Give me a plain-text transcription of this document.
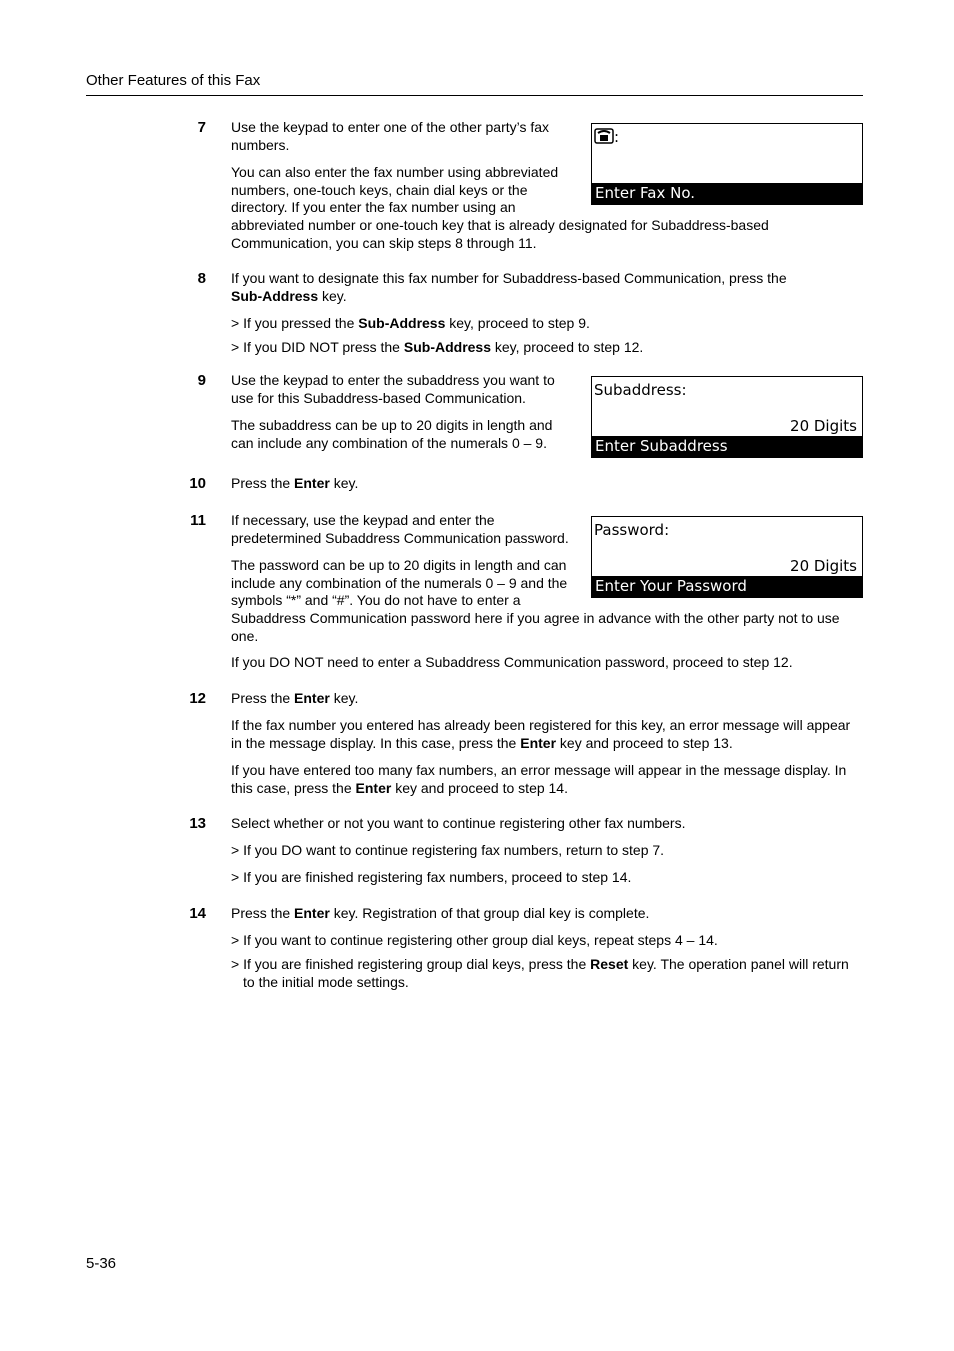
Other Features of this Fax
7 Use the keypad to enter one of the other party’s fax numbers.
You can also enter the fax number using abbreviated numbers, one-touch keys, chain dial keys or the directory. If you enter the fax number using an
abbreviated number or one-touch key that is already designated for Subaddress-based Communication, you can skip steps 8 through 11.
:
Enter Fax No.
8 If you want to designate this fax number for Subaddress-based Communication, press the
Sub-Address key.
> If you pressed the Sub-Address key, proceed to step 9.
> If you DID NOT press the Sub-Address key, proceed to step 12.
9 Use the keypad to enter the subaddress you want to use for this Subaddress-based Communication.
The subaddress can be up to 20 digits in length and can include any combination of the numerals 0 – 9.
Subaddress:
20 Digits
Enter Subaddress
10 Press the Enter key.
11 If necessary, use the keypad and enter the predetermined Subaddress Communication password.
The password can be up to 20 digits in length and can include any combination of the numerals 0 – 9 and the symbols “*” and “#”. You do not have to enter a
Subaddress Communication password here if you agree in advance with the other party not to use one.
If you DO NOT need to enter a Subaddress Communication password, proceed to step 12.
Password:
20 Digits
Enter Your Password
12 Press the Enter key.
If the fax number you entered has already been registered for this key, an error message will appear in the message display. In this case, press the Enter key and proceed to step 13.
If you have entered too many fax numbers, an error message will appear in the message display. In this case, press the Enter key and proceed to step 14.
13 Select whether or not you want to continue registering other fax numbers.
> If you DO want to continue registering fax numbers, return to step 7.
> If you are finished registering fax numbers, proceed to step 14.
14 Press the Enter key. Registration of that group dial key is complete.
> If you want to continue registering other group dial keys, repeat steps 4 – 14.
> If you are finished registering group dial keys, press the Reset key. The operation panel will return
to the initial mode settings.
5-36
